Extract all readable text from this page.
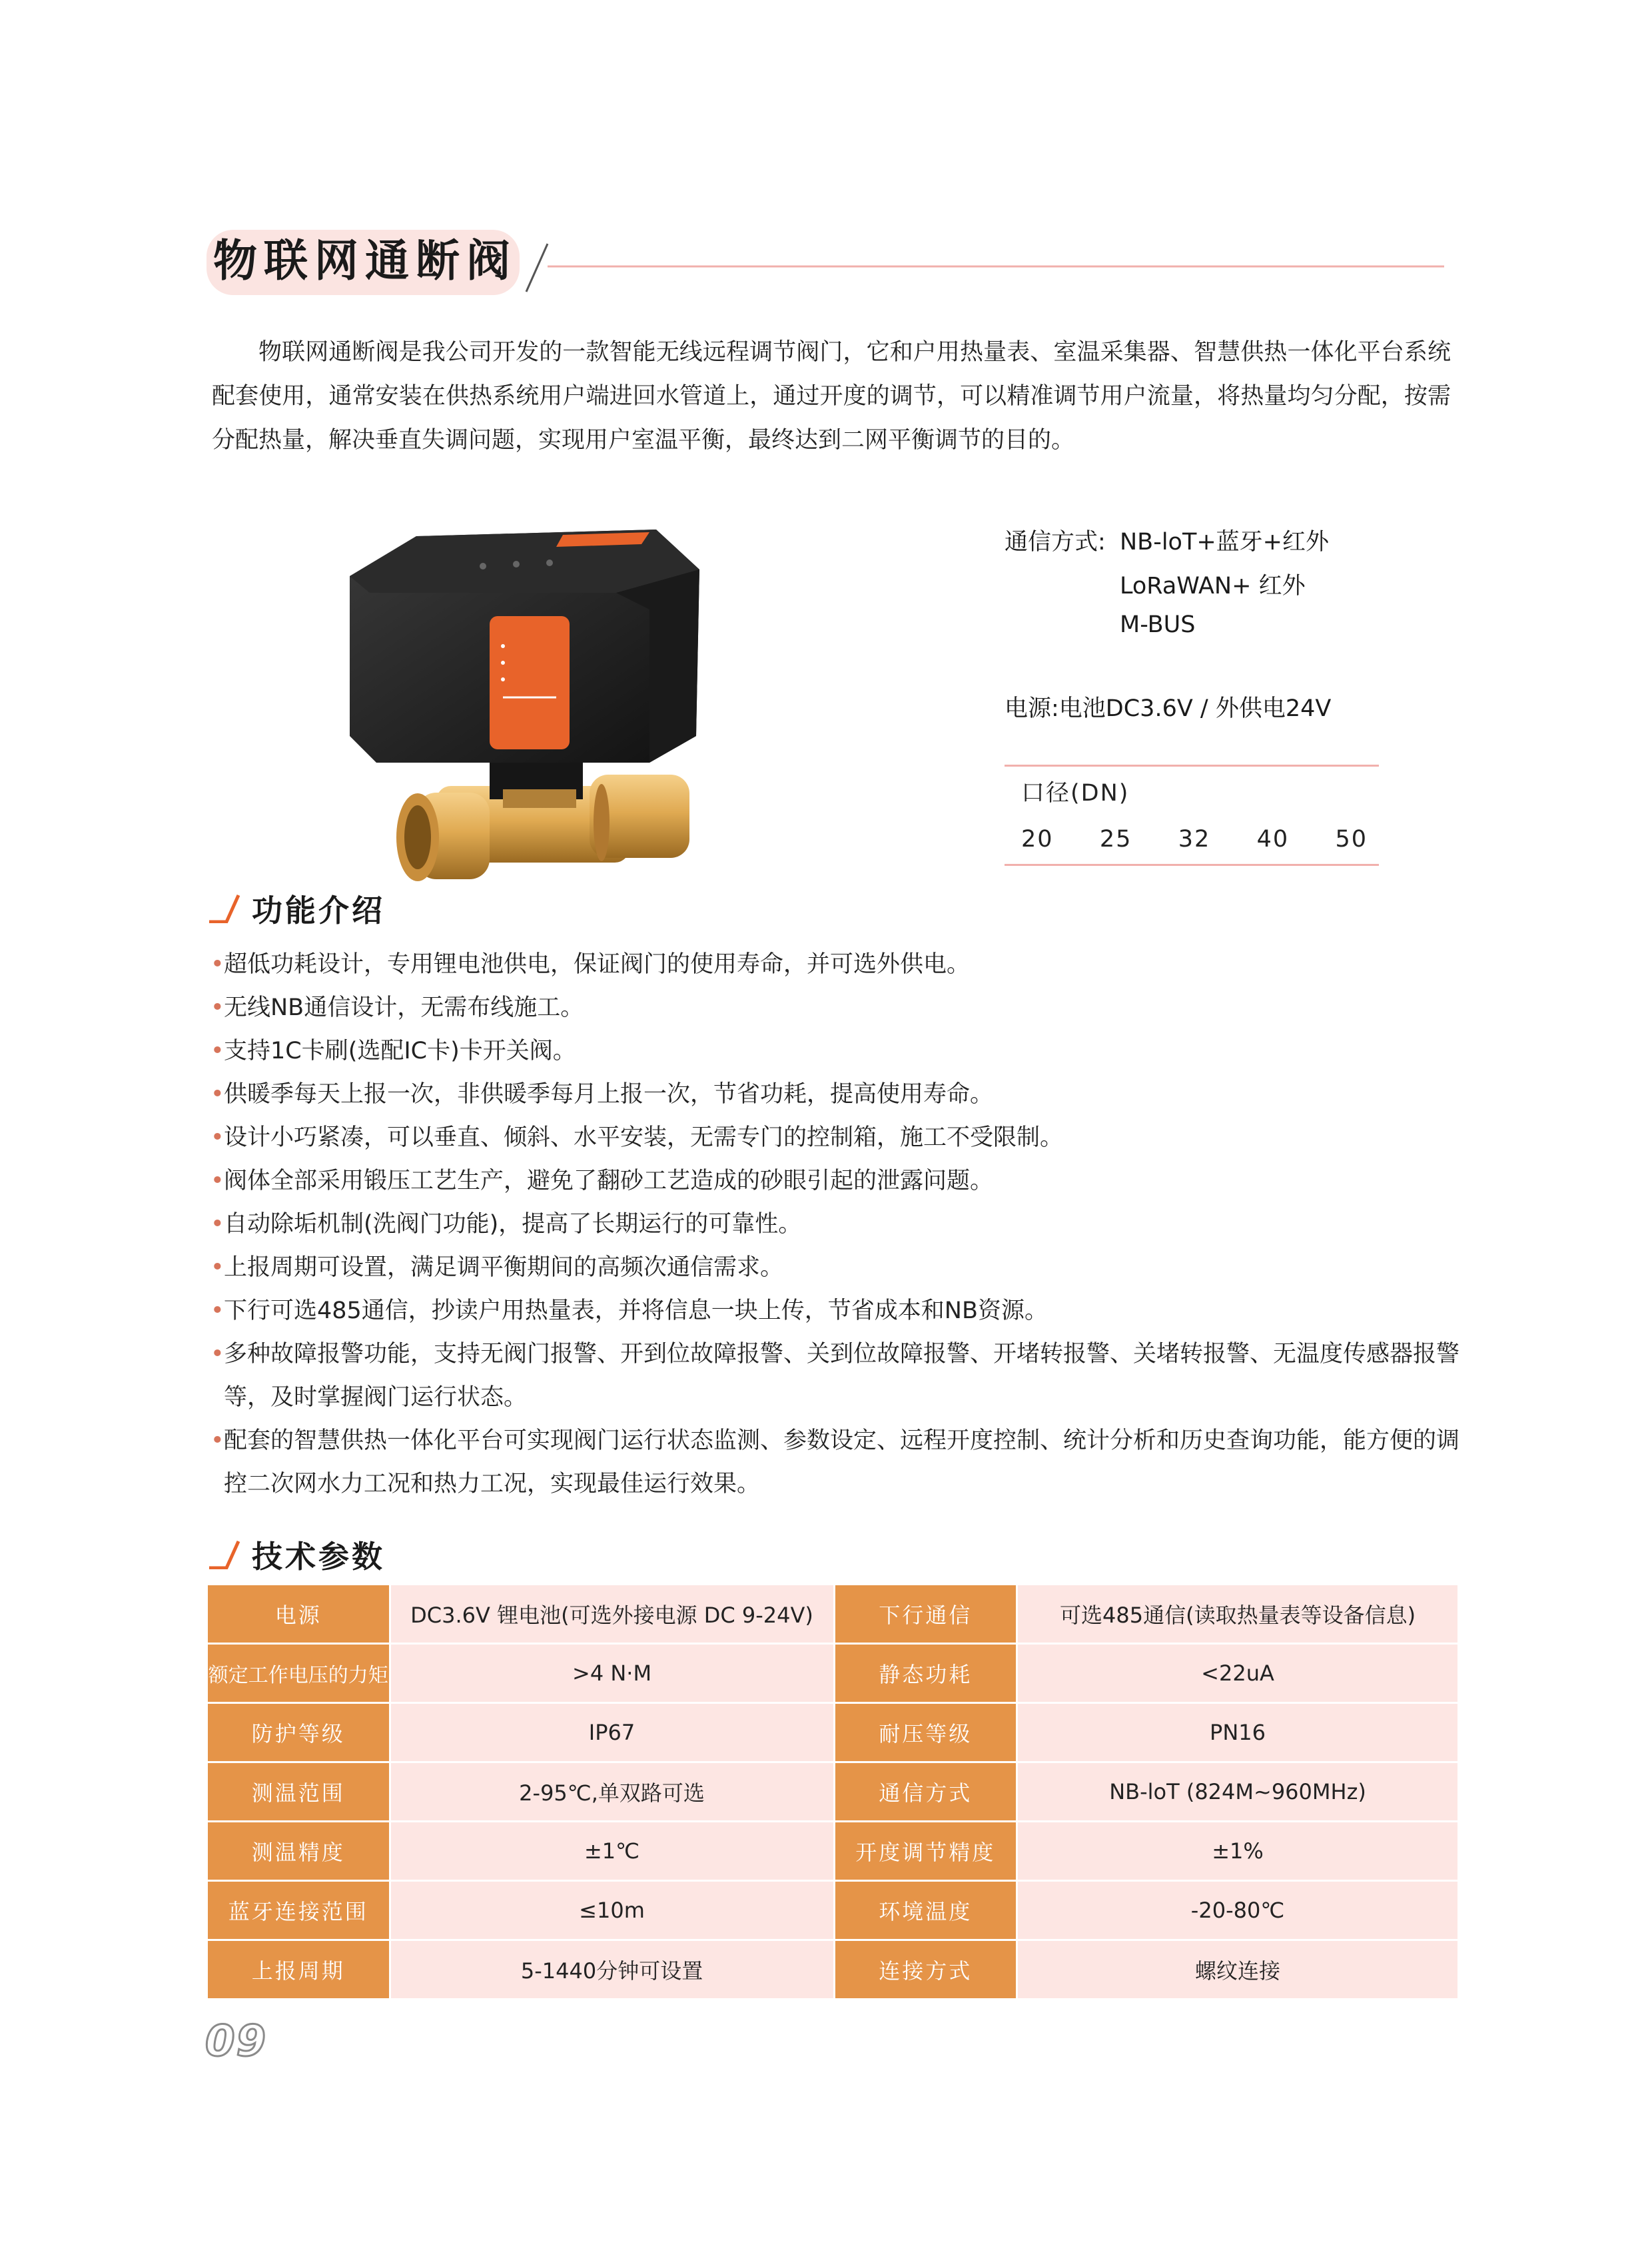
物联网通断阀
物联网通断阀是我公司开发的一款智能无线远程调节阀门，它和户用热量表、室温采集器、智慧供热一体化平台系统配套使用，通常安装在供热系统用户端进回水管道上，通过开度的调节，可以精准调节用户流量，将热量均匀分配，按需分配热量，解决垂直失调问题，实现用户室温平衡，最终达到二网平衡调节的目的。
通信方式: NB-loT+蓝牙+红外
LoRaWAN+ 红外
M-BUS
电源:电池DC3.6V / 外供电24V
口径(DN)
20 25 32 40 50
功能介绍
• 超低功耗设计，专用锂电池供电，保证阀门的使用寿命，并可选外供电。
• 无线NB通信设计，无需布线施工。
• 支持1C卡刷(选配IC卡)卡开关阀。
• 供暖季每天上报一次，非供暖季每月上报一次，节省功耗，提高使用寿命。
• 设计小巧紧凑，可以垂直、倾斜、水平安装，无需专门的控制箱，施工不受限制。
• 阀体全部采用锻压工艺生产，避免了翻砂工艺造成的砂眼引起的泄露问题。
• 自动除垢机制(洗阀门功能)，提高了长期运行的可靠性。
• 上报周期可设置，满足调平衡期间的高频次通信需求。
• 下行可选485通信，抄读户用热量表，并将信息一块上传，节省成本和NB资源。
• 多种故障报警功能，支持无阀门报警、开到位故障报警、关到位故障报警、开堵转报警、关堵转报警、无温度传感器报警等，及时掌握阀门运行状态。
• 配套的智慧供热一体化平台可实现阀门运行状态监测、参数设定、远程开度控制、统计分析和历史查询功能，能方便的调控二次网水力工况和热力工况，实现最佳运行效果。
技术参数
电源	DC3.6V 锂电池(可选外接电源 DC 9-24V)	下行通信	可选485通信(读取热量表等设备信息)
额定工作电压的力矩	>4 N·M	静态功耗	<22uA
防护等级	IP67	耐压等级	PN16
测温范围	2-95℃,单双路可选	通信方式	NB-loT (824M~960MHz)
测温精度	±1℃	开度调节精度	±1%
蓝牙连接范围	≤10m	环境温度	-20-80℃
上报周期	5-1440分钟可设置	连接方式	螺纹连接
09
